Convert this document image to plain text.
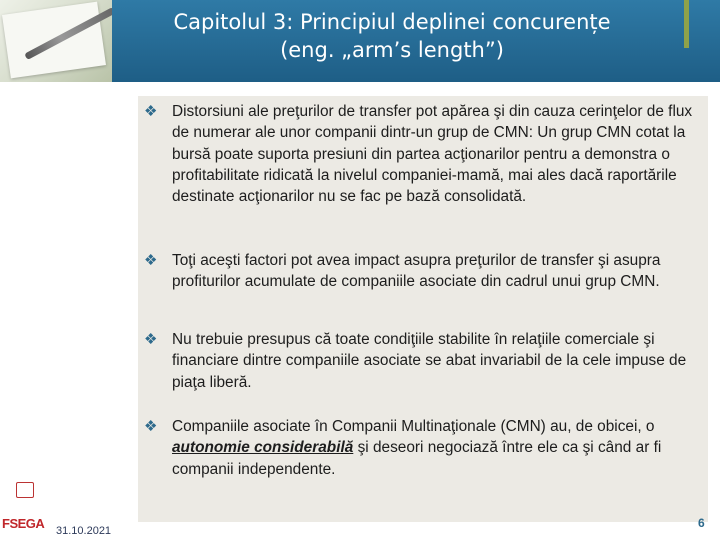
Capitolul 3: Principiul deplinei concurențe
(eng. „arm’s length”)
❖ Distorsiuni ale preţurilor de transfer pot apărea şi din cauza cerinţelor de flux de numerar ale unor companii dintr-un grup de CMN: Un grup CMN cotat la bursă poate suporta presiuni din partea acţionarilor pentru a demonstra o profitabilitate ridicată la nivelul companiei-mamă, mai ales dacă raportările destinate acţionarilor nu se fac pe bază consolidată.
❖ Toţi aceşti factori pot avea impact asupra preţurilor de transfer şi asupra profiturilor acumulate de companiile asociate din cadrul unui grup CMN.
❖ Nu trebuie presupus că toate condiţiile stabilite în relaţiile comerciale şi financiare dintre companiile asociate se abat invariabil de la cele impuse de piaţa liberă.
❖ Companiile asociate în Companii Multinaţionale (CMN) au, de obicei, o autonomie considerabilă şi deseori negociază între ele ca şi când ar fi companii independente.
FSEGA 31.10.2021
6
